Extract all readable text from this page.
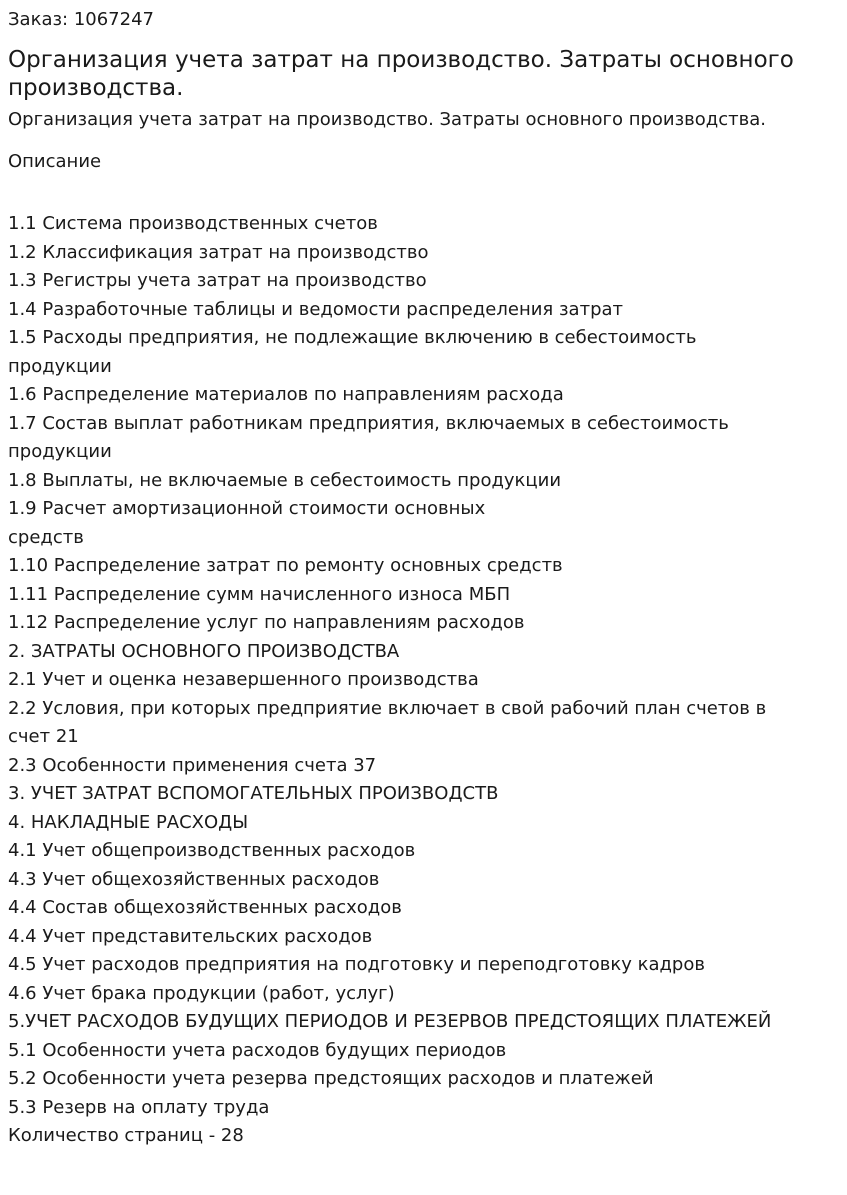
Заказ: 1067247

Организация учета затрат на производство. Затраты основного производства.

Организация учета затрат на производство. Затраты основного производства.

Описание

1.1 Система производственных счетов
1.2 Классификация затрат на производство
1.3 Регистры учета затрат на производство
1.4 Разработочные таблицы и ведомости распределения затрат
1.5 Расходы предприятия, не подлежащие включению в себестоимость продукции
1.6 Распределение материалов по направлениям расхода
1.7 Состав выплат работникам предприятия, включаемых в себестоимость продукции
1.8 Выплаты, не включаемые в себестоимость продукции
1.9 Расчет амортизационной стоимости основных средств
1.10 Распределение затрат по ремонту основных средств
1.11 Распределение сумм начисленного износа МБП
1.12 Распределение услуг по направлениям расходов
2. ЗАТРАТЫ ОСНОВНОГО ПРОИЗВОДСТВА
2.1 Учет и оценка незавершенного производства
2.2 Условия, при которых предприятие включает в свой рабочий план счетов в счет 21
2.3 Особенности применения счета 37
3. УЧЕТ ЗАТРАТ ВСПОМОГАТЕЛЬНЫХ ПРОИЗВОДСТВ
4. НАКЛАДНЫЕ РАСХОДЫ
4.1 Учет общепроизводственных расходов
4.3 Учет общехозяйственных расходов
4.4 Состав общехозяйственных расходов
4.4 Учет представительских расходов
4.5 Учет расходов предприятия на подготовку и переподготовку кадров
4.6 Учет брака продукции (работ, услуг)
5.УЧЕТ РАСХОДОВ БУДУЩИХ ПЕРИОДОВ И РЕЗЕРВОВ ПРЕДСТОЯЩИХ ПЛАТЕЖЕЙ
5.1 Особенности учета расходов будущих периодов
5.2 Особенности учета резерва предстоящих расходов и платежей
5.3 Резерв на оплату труда

Количество страниц - 28
